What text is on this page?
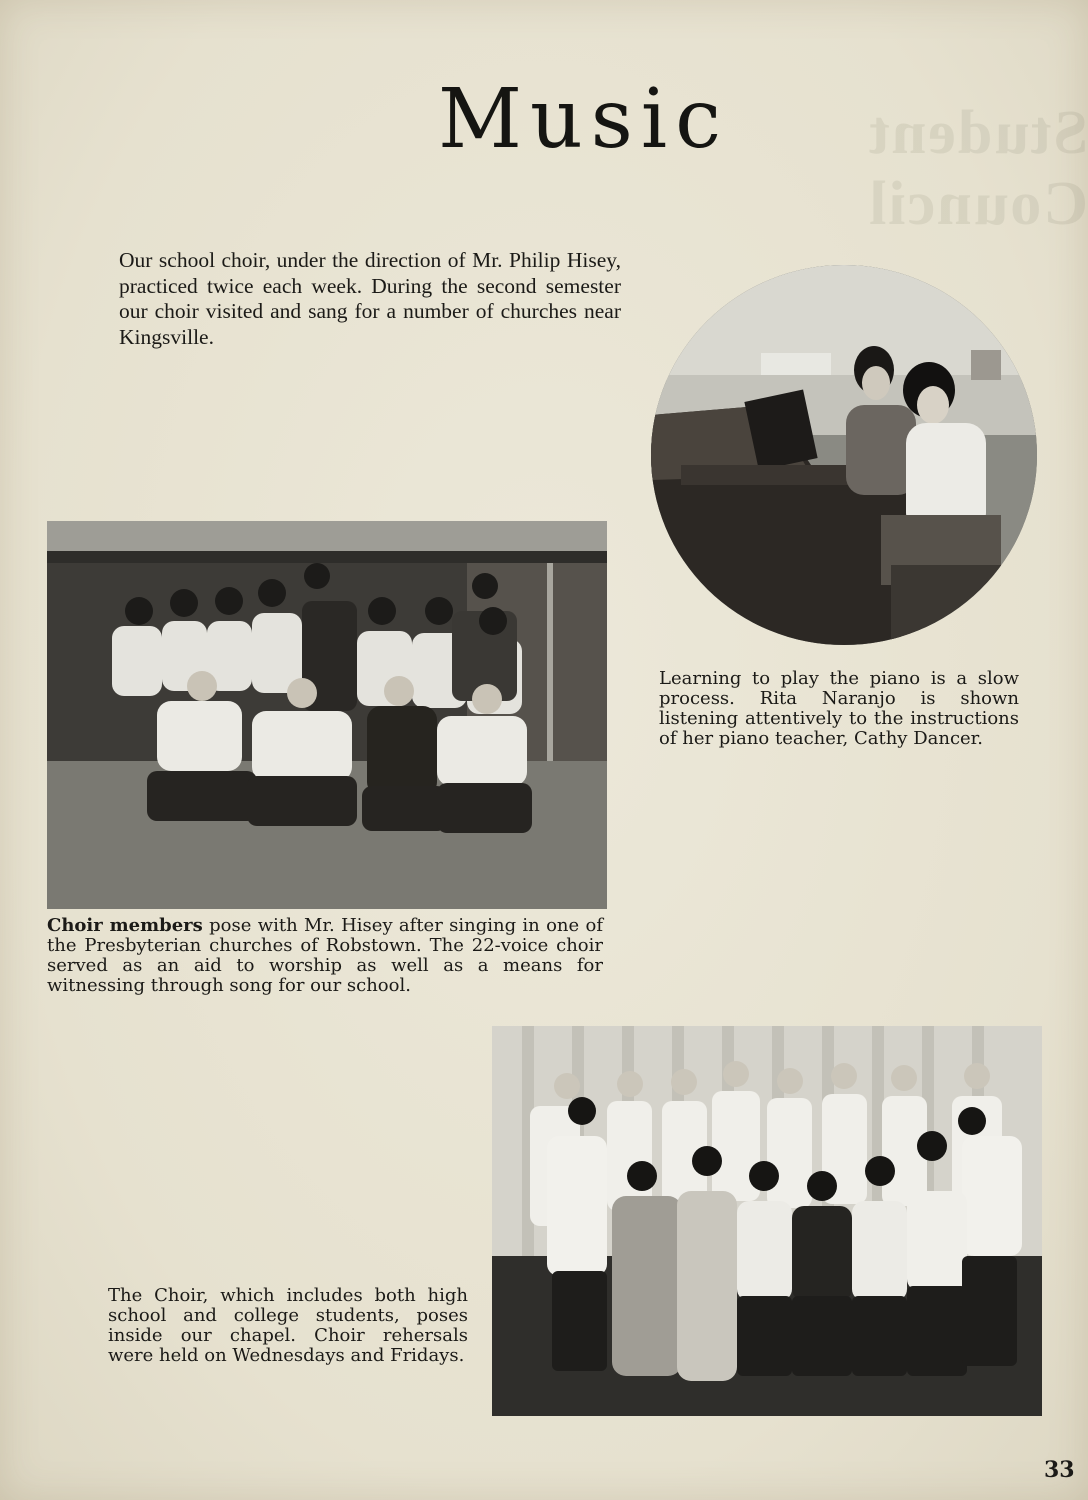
Student Council
Music

Our school choir, under the direction of Mr. Philip Hisey, practiced twice each week. During the second semester our choir visited and sang for a number of churches near Kingsville.

Learning to play the piano is a slow process. Rita Naranjo is shown listening attentively to the instructions of her piano teacher, Cathy Dancer.
Choir members pose with Mr. Hisey after singing in one of the Presbyterian churches of Robstown. The 22-voice choir served as an aid to worship as well as a means for witnessing through song for our school.
The Choir, which includes both high school and college students, poses inside our chapel. Choir rehersals were held on Wednesdays and Fridays.
33
